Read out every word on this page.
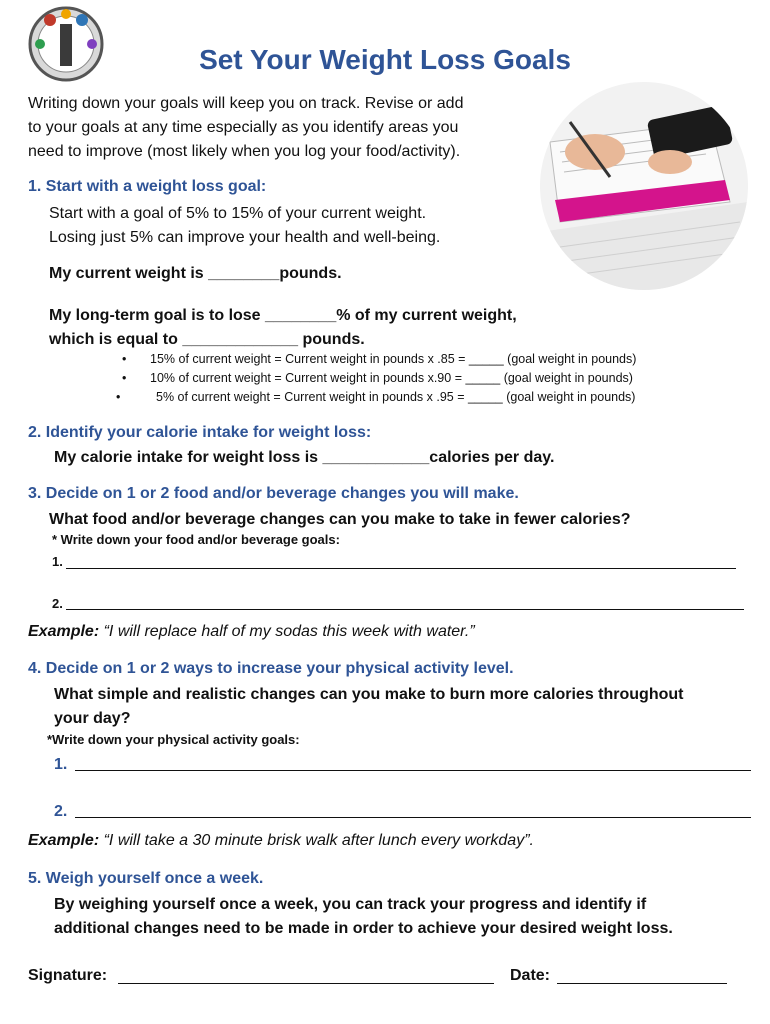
Set Your Weight Loss Goals
Writing down your goals will keep you on track. Revise or add
to your goals at any time especially as you identify areas you
need to improve (most likely when you log your food/activity).
1. Start with a weight loss goal:
Start with a goal of 5% to 15% of your current weight.
Losing just 5% can improve your health and well-being.
My current weight is ________pounds.
My long-term goal is to lose ________% of my current weight,
which is equal to _____________ pounds.
• 15% of current weight = Current weight in pounds x .85 = _____ (goal weight in pounds)
• 10% of current weight = Current weight in pounds x.90 = _____ (goal weight in pounds)
•	5% of current weight = Current weight in pounds x .95 = _____ (goal weight in pounds)
2. Identify your calorie intake for weight loss:
My calorie intake for weight loss is ____________calories per day.
3. Decide on 1 or 2 food and/or beverage changes you will make.
What food and/or beverage changes can you make to take in fewer calories?
* Write down your food and/or beverage goals:
1.
2.
Example: “I will replace half of my sodas this week with water.”
4. Decide on 1 or 2 ways to increase your physical activity level.
What simple and realistic changes can you make to burn more calories throughout
your day?
*Write down your physical activity goals:
1.
2.
Example: “I will take a 30 minute brisk walk after lunch every workday”.
5. Weigh yourself once a week.
By weighing yourself once a week, you can track your progress and identify if
additional changes need to be made in order to achieve your desired weight loss.
Signature:	Date:
